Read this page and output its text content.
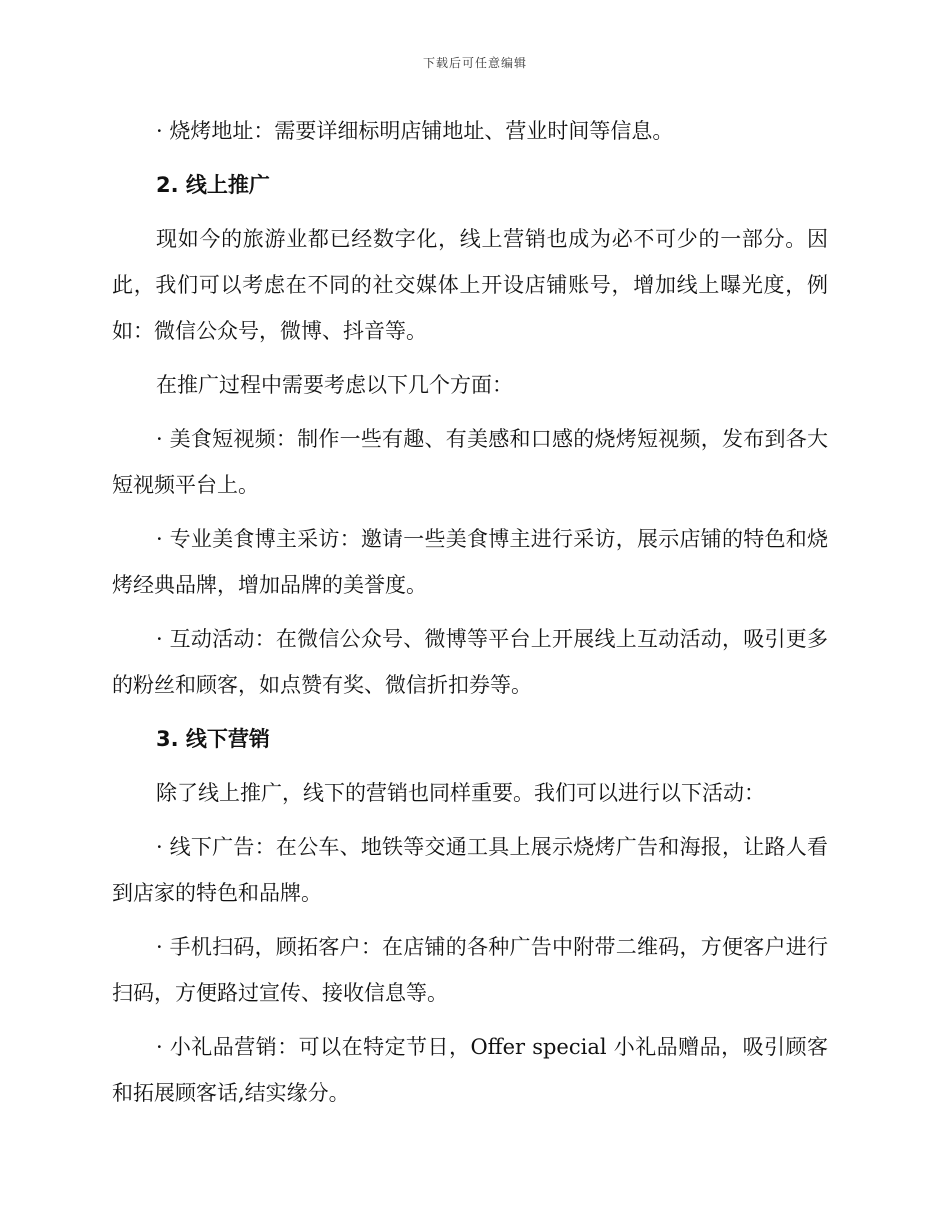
下载后可任意编辑

· 烧烤地址：需要详细标明店铺地址、营业时间等信息。

2. 线上推广

现如今的旅游业都已经数字化，线上营销也成为必不可少的一部分。因此，我们可以考虑在不同的社交媒体上开设店铺账号，增加线上曝光度，例如：微信公众号，微博、抖音等。

在推广过程中需要考虑以下几个方面：

· 美食短视频：制作一些有趣、有美感和口感的烧烤短视频，发布到各大短视频平台上。

· 专业美食博主采访：邀请一些美食博主进行采访，展示店铺的特色和烧烤经典品牌，增加品牌的美誉度。

· 互动活动：在微信公众号、微博等平台上开展线上互动活动，吸引更多的粉丝和顾客，如点赞有奖、微信折扣券等。

3. 线下营销

除了线上推广，线下的营销也同样重要。我们可以进行以下活动：

· 线下广告：在公车、地铁等交通工具上展示烧烤广告和海报，让路人看到店家的特色和品牌。

· 手机扫码，顾拓客户：在店铺的各种广告中附带二维码，方便客户进行扫码，方便路过宣传、接收信息等。

· 小礼品营销：可以在特定节日，Offer special 小礼品赠品，吸引顾客和拓展顾客话,结实缘分。
